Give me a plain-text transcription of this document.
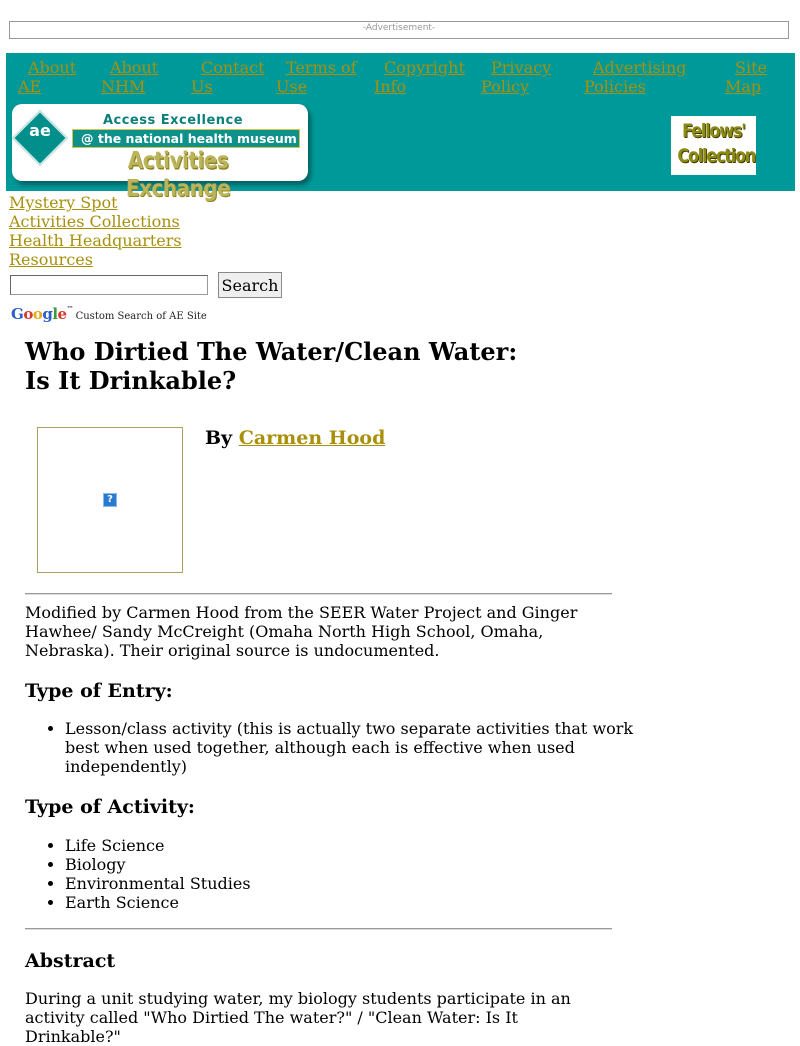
-Advertisement-
About
AE
About
NHM
Contact
Us
Terms of
Use
Copyright
Info
Privacy
Policy
Advertising
Policies
Site
Map
ae
Access Excellence
@ the national health museum
Activities Exchange
Fellows'
Collection
Mystery Spot
Activities Collections
Health Headquarters
Resources
Search
Google™Custom Search of AE Site
Who Dirtied The Water/Clean Water:
Is It Drinkable?
?
By Carmen Hood

Modified by Carmen Hood from the SEER Water Project and Ginger Hawhee/ Sandy McCreight (Omaha North High School, Omaha, Nebraska). Their original source is undocumented.

Type of Entry:
• Lesson/class activity (this is actually two separate activities that work best when used together, although each is effective when used independently)
Type of Activity:
• Life Science
• Biology
• Environmental Studies
• Earth Science
Abstract

During a unit studying water, my biology students participate in an activity called "Who Dirtied The water?" / "Clean Water: Is It Drinkable?"
